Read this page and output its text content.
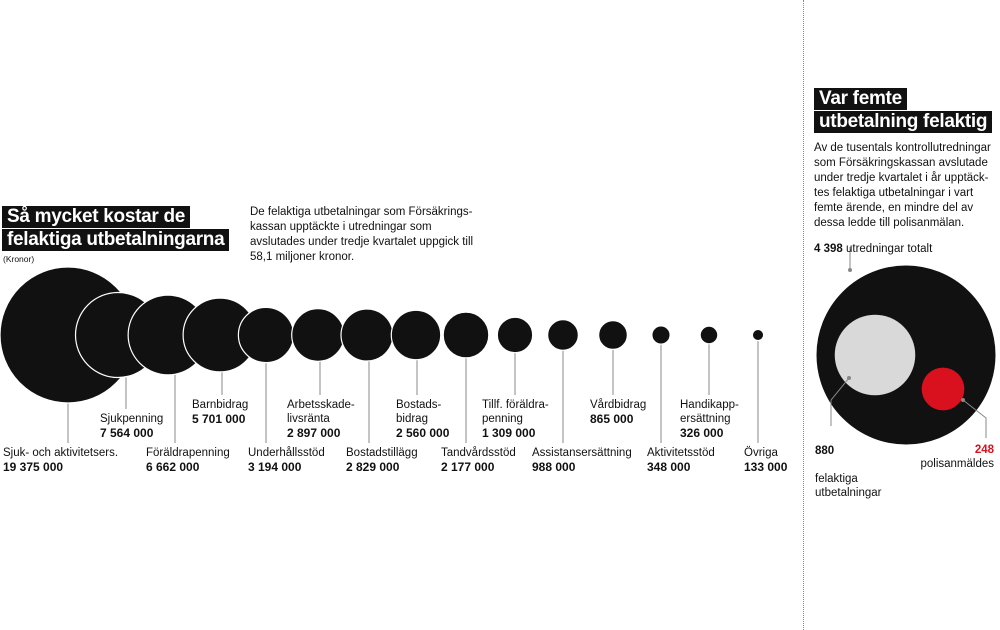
Så mycket kostar de
felaktiga utbetalningarna

De felaktiga utbetalningar som Försäkrings-
kassan upptäckte i utredningar som
avslutades under tredje kvartalet uppgick till
58,1 miljoner kronor.

(Kronor)
Var femte
utbetalning felaktig

Av de tusentals kontrollutredningar
som Försäkringskassan avslutade
under tredje kvartalet i år upptäck-
tes felaktiga utbetalningar i vart
femte ärende, en mindre del av
dessa ledde till polisanmälan.

Sjuk- och aktivitetsers.
19 375 000
Sjukpenning
7 564 000
Föräldrapenning
6 662 000
Barnbidrag
5 701 000
Underhållsstöd
3 194 000
Arbetsskade-
livsränta
2 897 000
Bostadstillägg
2 829 000
Bostads-
bidrag
2 560 000
Tandvårdsstöd
2 177 000
Tillf. föräldra-
penning
1 309 000
Assistansersättning
988 000
Vårdbidrag
865 000
Aktivitetsstöd
348 000
Handikapp-
ersättning
326 000
Övriga
133 000
4 398 utredningar totalt

880

felaktiga
utbetalningar

248
polisanmäldes
